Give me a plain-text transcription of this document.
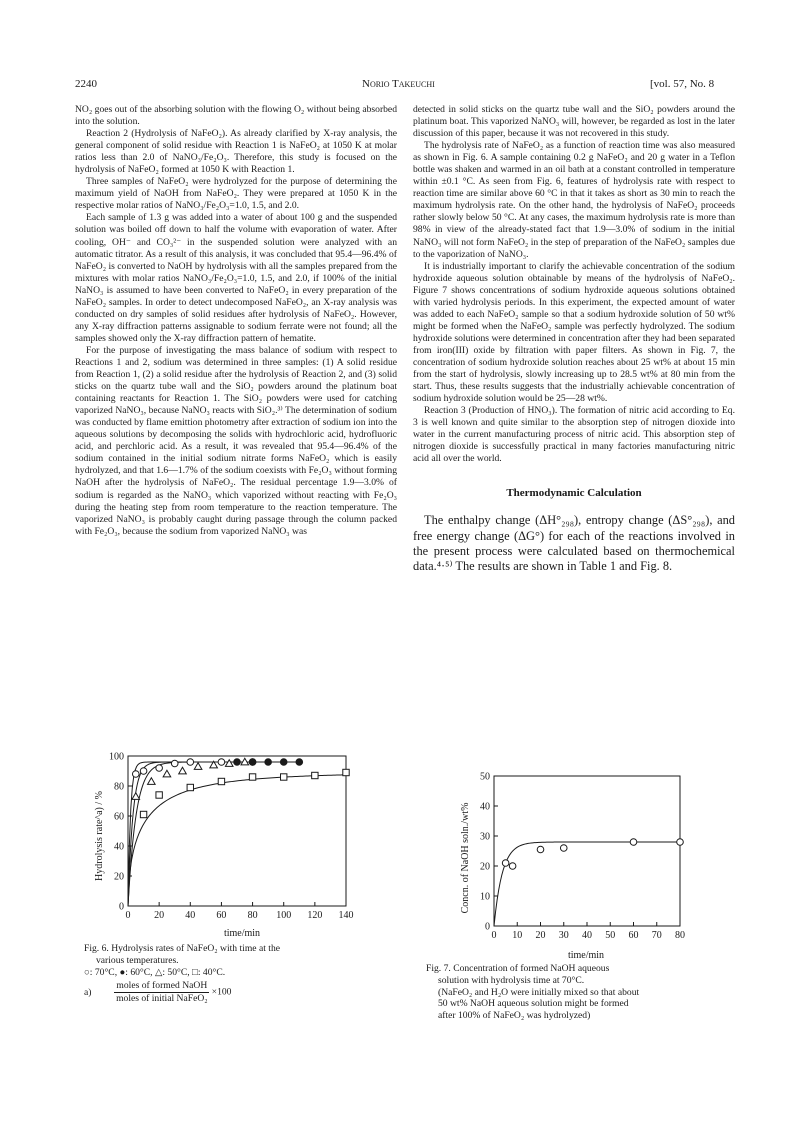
2240	Norio Takeuchi	[vol. 57, No. 8

NO₂ goes out of the absorbing solution with the flowing O₂ without being absorbed into the solution.

Reaction 2 (Hydrolysis of NaFeO₂). As already clarified by X-ray analysis, the general component of solid residue with Reaction 1 is NaFeO₂ at 1050 K at molar ratios less than 2.0 of NaNO₃/Fe₂O₃. Therefore, this study is focused on the hydrolysis of NaFeO₂ formed at 1050 K with Reaction 1.

Three samples of NaFeO₂ were hydrolyzed for the purpose of determining the maximum yield of NaOH from NaFeO₂. They were prepared at 1050 K in the respective molar ratios of NaNO₃/Fe₂O₃=1.0, 1.5, and 2.0.

Each sample of 1.3 g was added into a water of about 100 g and the suspended solution was boiled off down to half the volume with evaporation of water. After cooling, OH⁻ and CO₃²⁻ in the suspended solution were analyzed with an automatic titrator. As a result of this analysis, it was concluded that 95.4—96.4% of NaFeO₂ is converted to NaOH by hydrolysis with all the samples prepared from the mixtures with molar ratios NaNO₃/Fe₂O₃=1.0, 1.5, and 2.0, if 100% of the initial NaNO₃ is assumed to have been converted to NaFeO₂ in every preparation of the NaFeO₂ samples. In order to detect undecomposed NaFeO₂, an X-ray analysis was conducted on dry samples of solid residues after hydrolysis of NaFeO₂. However, any X-ray diffraction patterns assignable to sodium ferrate were not found; all the samples showed only the X-ray diffraction pattern of hematite.

For the purpose of investigating the mass balance of sodium with respect to Reactions 1 and 2, sodium was determined in three samples: (1) A solid residue from Reaction 1, (2) a solid residue after the hydrolysis of Reaction 2, and (3) solid sticks on the quartz tube wall and the SiO₂ powders around the platinum boat containing reactants for Reaction 1. The SiO₂ powders were used for catching vaporized NaNO₃, because NaNO₃ reacts with SiO₂.³⁾ The determination of sodium was conducted by flame emittion photometry after extraction of sodium ion into the aqueous solutions by decomposing the solids with hydrochloric acid, hydrofluoric acid, and perchloric acid. As a result, it was revealed that 95.4—96.4% of the sodium contained in the initial sodium nitrate forms NaFeO₂ which is easily hydrolyzed, and that 1.6—1.7% of the sodium coexists with Fe₂O₃ without forming NaOH after the hydrolysis of NaFeO₂. The residual percentage 1.9—3.0% of sodium is regarded as the NaNO₃ which vaporized without reacting with Fe₂O₃ during the heating step from room temperature to the reaction temperature. The vaporized NaNO₃ is probably caught during passage through the column packed with Fe₂O₃, because the sodium from vaporized NaNO₃ was

detected in solid sticks on the quartz tube wall and the SiO₂ powders around the platinum boat. This vaporized NaNO₃ will, however, be regarded as lost in the later discussion of this paper, because it was not recovered in this study.

The hydrolysis rate of NaFeO₂ as a function of reaction time was also measured as shown in Fig. 6. A sample containing 0.2 g NaFeO₂ and 20 g water in a Teflon bottle was shaken and warmed in an oil bath at a constant controlled in temperature within ±0.1 °C. As seen from Fig. 6, features of hydrolysis rate with respect to reaction time are similar above 60 °C in that it takes as short as 30 min to reach the maximum hydrolysis rate. On the other hand, the hydrolysis of NaFeO₂ proceeds rather slowly below 50 °C. At any cases, the maximum hydrolysis rate is more than 98% in view of the already-stated fact that 1.9—3.0% of sodium in the initial NaNO₃ will not form NaFeO₂ in the step of preparation of the NaFeO₂ samples due to the vaporization of NaNO₃.

It is industrially important to clarify the achievable concentration of the sodium hydroxide aqueous solution obtainable by means of the hydrolysis of NaFeO₂. Figure 7 shows concentrations of sodium hydroxide aqueous solutions obtained with varied hydrolysis periods. In this experiment, the expected amount of water was added to each NaFeO₂ sample so that a sodium hydroxide solution of 50 wt% might be formed when the NaFeO₂ sample was perfectly hydrolyzed. The sodium hydroxide solutions were determined in concentration after they had been separated from iron(III) oxide by filtration with paper filters. As shown in Fig. 7, the concentration of sodium hydroxide solution reaches about 25 wt% at about 15 min from the start of hydrolysis, slowly increasing up to 28.5 wt% at 80 min from the start. Thus, these results suggests that the industrially achievable concentration of sodium hydroxide solution would be 25—28 wt%.

Reaction 3 (Production of HNO₃). The formation of nitric acid according to Eq. 3 is well known and quite similar to the absorption step of nitrogen dioxide into water in the current manufacturing process of nitric acid. This absorption step of nitrogen dioxide is successfully practical in many factories manufacturing nitric acid all over the world.

Thermodynamic Calculation

The enthalpy change (ΔH°₂₉₈), entropy change (ΔS°₂₉₈), and free energy change (ΔG°) for each of the reactions involved in the present process were calculated based on thermochemical data.⁴·⁵⁾ The results are shown in Table 1 and Fig. 8.

0 20 40 60 80 100 120 140
0
20
40
60
80
100
time/min
Hydrolysis rate^a) / %
Fig. 6. Hydrolysis rates of NaFeO₂ with time at the
various temperatures.
○: 70°C, ●: 60°C, △: 50°C, □: 40°C.
$a) \frac{\text{moles of formed NaOH}}{\text{moles of initial NaFeO₂}} \times 100$
0 10 20 30 40 50 60 70 80
0
10
20
30
40
50
time/min
Concn. of NaOH soln./wt%
Fig. 7. Concentration of formed NaOH aqueous
solution with hydrolysis time at 70°C.
(NaFeO₂ and H₂O were initially mixed so that about
50 wt% NaOH aqueous solution might be formed
after 100% of NaFeO₂ was hydrolyzed)
